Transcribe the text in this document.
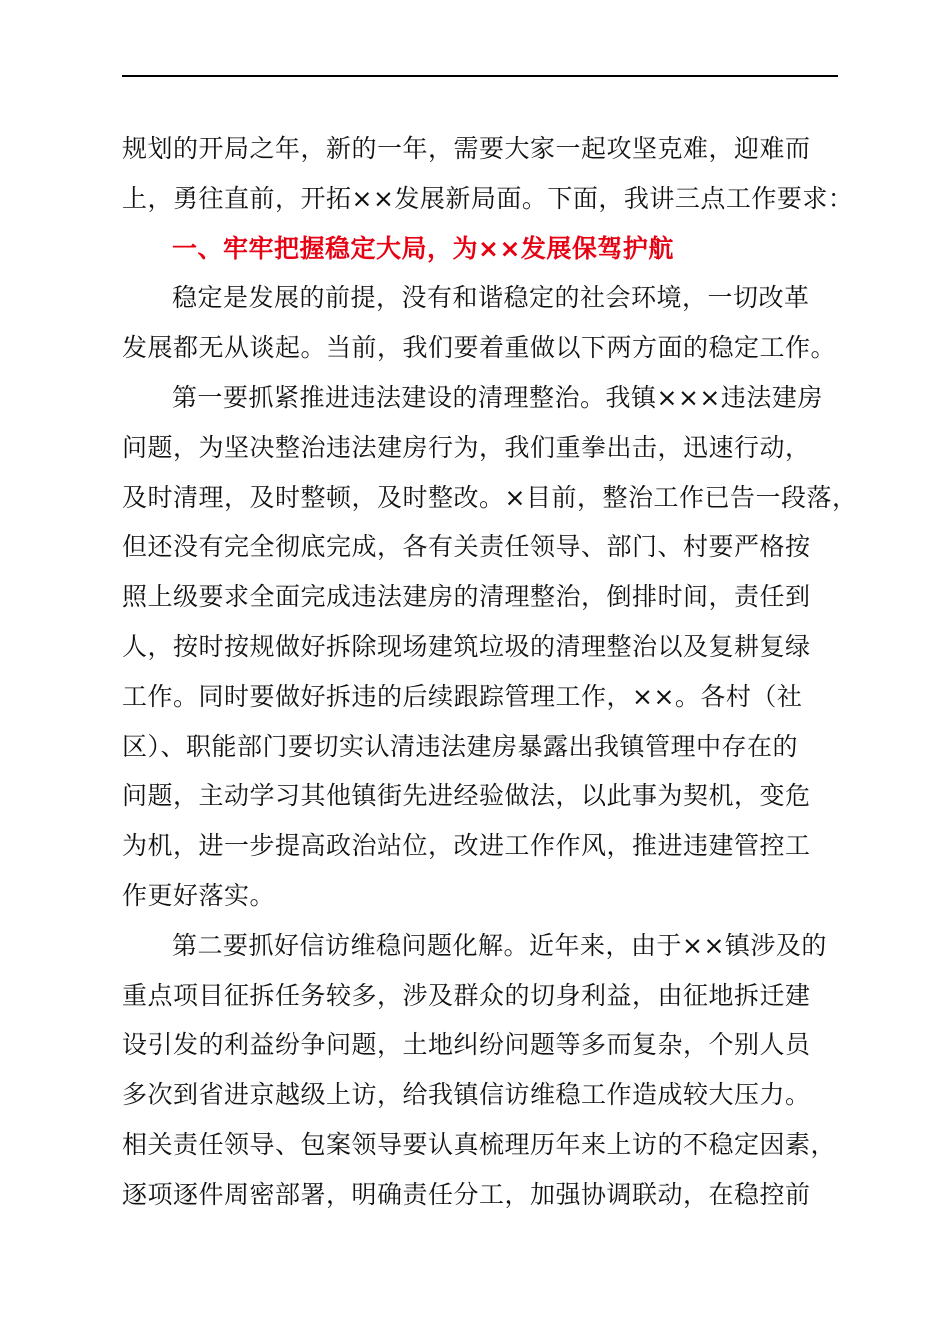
规划的开局之年，新的一年，需要大家一起攻坚克难，迎难而
上，勇往直前，开拓××发展新局面。下面，我讲三点工作要求：
一、牢牢把握稳定大局，为××发展保驾护航
稳定是发展的前提，没有和谐稳定的社会环境，一切改革
发展都无从谈起。当前，我们要着重做以下两方面的稳定工作。
第一要抓紧推进违法建设的清理整治。我镇×××违法建房
问题，为坚决整治违法建房行为，我们重拳出击，迅速行动，
及时清理，及时整顿，及时整改。×目前，整治工作已告一段落，
但还没有完全彻底完成，各有关责任领导、部门、村要严格按
照上级要求全面完成违法建房的清理整治，倒排时间，责任到
人，按时按规做好拆除现场建筑垃圾的清理整治以及复耕复绿
工作。同时要做好拆违的后续跟踪管理工作，××。各村（社
区）、职能部门要切实认清违法建房暴露出我镇管理中存在的
问题，主动学习其他镇街先进经验做法，以此事为契机，变危
为机，进一步提高政治站位，改进工作作风，推进违建管控工
作更好落实。
第二要抓好信访维稳问题化解。近年来，由于××镇涉及的
重点项目征拆任务较多，涉及群众的切身利益，由征地拆迁建
设引发的利益纷争问题，土地纠纷问题等多而复杂，个别人员
多次到省进京越级上访，给我镇信访维稳工作造成较大压力。
相关责任领导、包案领导要认真梳理历年来上访的不稳定因素，
逐项逐件周密部署，明确责任分工，加强协调联动，在稳控前
